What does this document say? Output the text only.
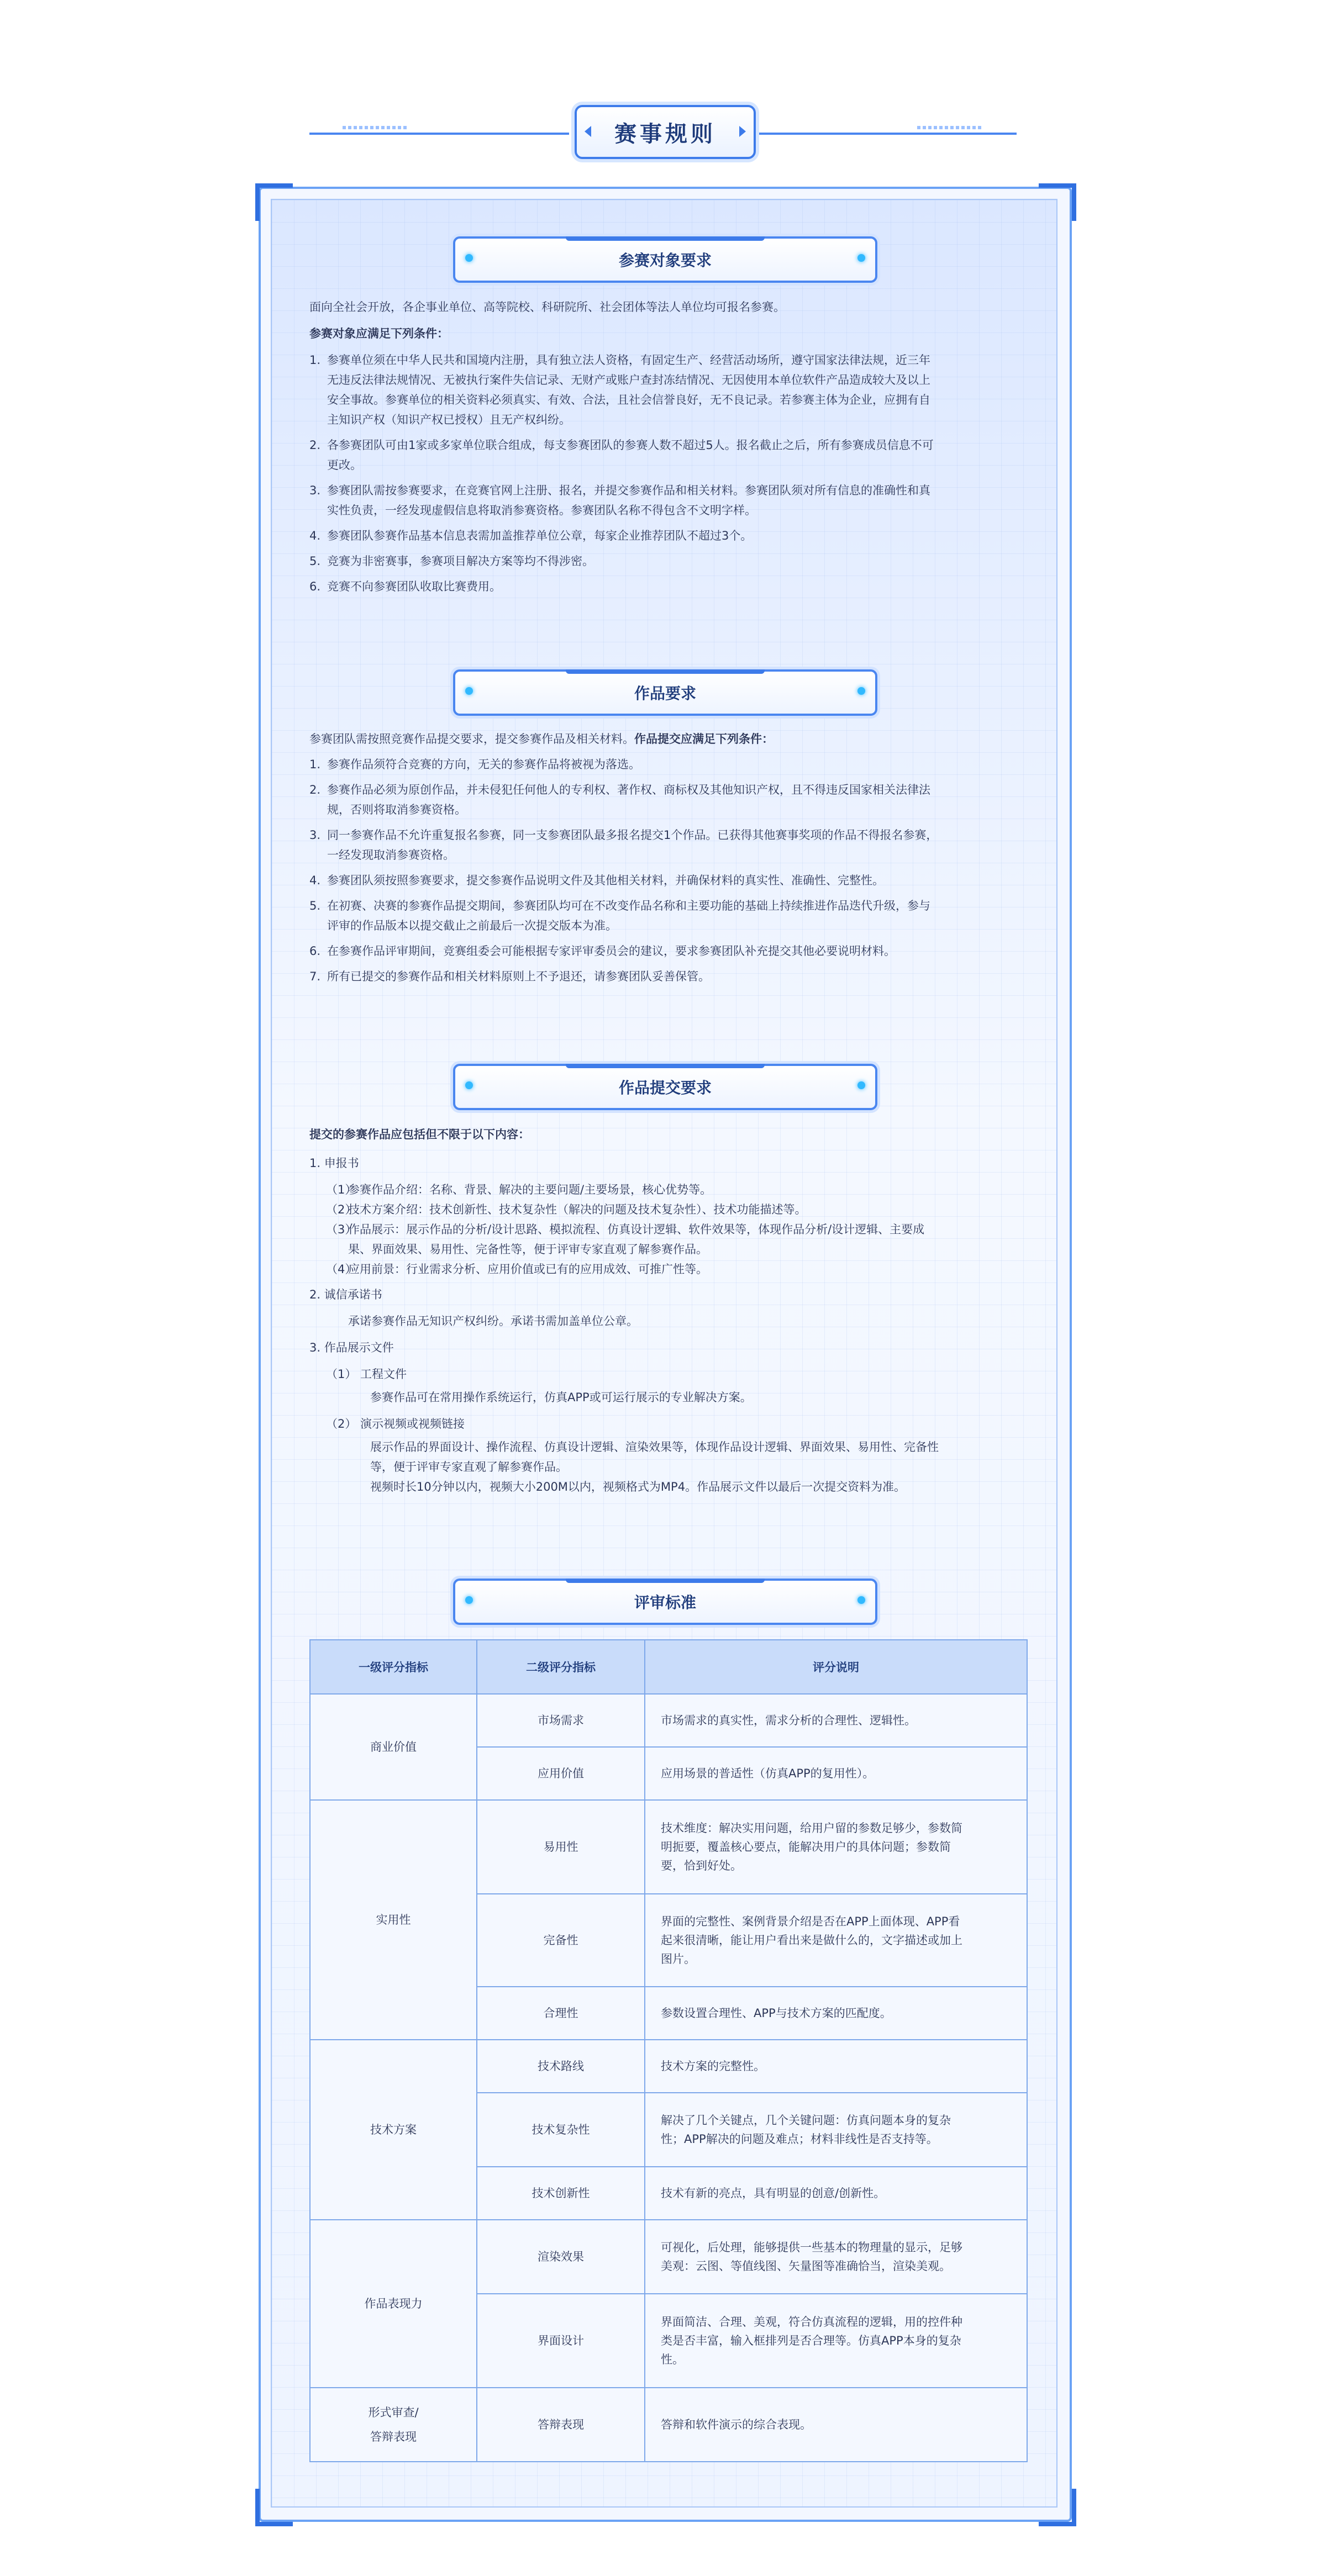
赛事规则
参赛对象要求

面向全社会开放，各企事业单位、高等院校、科研院所、社会团体等法人单位均可报名参赛。

参赛对象应满足下列条件：

1. 参赛单位须在中华人民共和国境内注册，具有独立法人资格，有固定生产、经营活动场所，遵守国家法律法规，近三年
无违反法律法规情况、无被执行案件失信记录、无财产或账户查封冻结情况、无因使用本单位软件产品造成较大及以上
安全事故。参赛单位的相关资料必须真实、有效、合法，且社会信誉良好，无不良记录。若参赛主体为企业，应拥有自
主知识产权（知识产权已授权）且无产权纠纷。
2. 各参赛团队可由1家或多家单位联合组成，每支参赛团队的参赛人数不超过5人。报名截止之后，所有参赛成员信息不可
更改。
3. 参赛团队需按参赛要求，在竞赛官网上注册、报名，并提交参赛作品和相关材料。参赛团队须对所有信息的准确性和真
实性负责，一经发现虚假信息将取消参赛资格。参赛团队名称不得包含不文明字样。
4. 参赛团队参赛作品基本信息表需加盖推荐单位公章，每家企业推荐团队不超过3个。
5. 竞赛为非密赛事，参赛项目解决方案等均不得涉密。
6. 竞赛不向参赛团队收取比赛费用。
作品要求

参赛团队需按照竞赛作品提交要求，提交参赛作品及相关材料。作品提交应满足下列条件：

1. 参赛作品须符合竞赛的方向，无关的参赛作品将被视为落选。
2. 参赛作品必须为原创作品，并未侵犯任何他人的专利权、著作权、商标权及其他知识产权，且不得违反国家相关法律法
规，否则将取消参赛资格。
3. 同一参赛作品不允许重复报名参赛，同一支参赛团队最多报名提交1个作品。已获得其他赛事奖项的作品不得报名参赛，
一经发现取消参赛资格。
4. 参赛团队须按照参赛要求，提交参赛作品说明文件及其他相关材料，并确保材料的真实性、准确性、完整性。
5. 在初赛、决赛的参赛作品提交期间，参赛团队均可在不改变作品名称和主要功能的基础上持续推进作品迭代升级，参与
评审的作品版本以提交截止之前最后一次提交版本为准。
6. 在参赛作品评审期间，竞赛组委会可能根据专家评审委员会的建议，要求参赛团队补充提交其他必要说明材料。
7. 所有已提交的参赛作品和相关材料原则上不予退还，请参赛团队妥善保管。
作品提交要求

提交的参赛作品应包括但不限于以下内容：

1. 申报书

（1）
参赛作品介绍：名称、背景、解决的主要问题/主要场景，核心优势等。
（2）
技术方案介绍：技术创新性、技术复杂性（解决的问题及技术复杂性）、技术功能描述等。
（3）
作品展示：展示作品的分析/设计思路、模拟流程、仿真设计逻辑、软件效果等，体现作品分析/设计逻辑、主要成
果、界面效果、易用性、完备性等，便于评审专家直观了解参赛作品。
（4）
应用前景：行业需求分析、应用价值或已有的应用成效、可推广性等。

2. 诚信承诺书

承诺参赛作品无知识产权纠纷。承诺书需加盖单位公章。

3. 作品展示文件

（1） 工程文件

参赛作品可在常用操作系统运行，仿真APP或可运行展示的专业解决方案。

（2） 演示视频或视频链接

展示作品的界面设计、操作流程、仿真设计逻辑、渲染效果等，体现作品设计逻辑、界面效果、易用性、完备性

等，便于评审专家直观了解参赛作品。

视频时长10分钟以内，视频大小200M以内，视频格式为MP4。作品展示文件以最后一次提交资料为准。

评审标准
一级评分指标	二级评分指标	评分说明
商业价值	市场需求	市场需求的真实性，需求分析的合理性、逻辑性。
	应用价值	应用场景的普适性（仿真APP的复用性）。
实用性	易用性	技术维度：解决实用问题，给用户留的参数足够少，参数简
明扼要，覆盖核心要点，能解决用户的具体问题；参数简
要，恰到好处。

	完备性	界面的完整性、案例背景介绍是否在APP上面体现、APP看
起来很清晰，能让用户看出来是做什么的，文字描述或加上
图片。

	合理性	参数设置合理性、APP与技术方案的匹配度。
技术方案	技术路线	技术方案的完整性。
	技术复杂性	解决了几个关键点，几个关键问题：仿真问题本身的复杂
性；APP解决的问题及难点；材料非线性是否支持等。

	技术创新性	技术有新的亮点，具有明显的创意/创新性。
作品表现力	渲染效果	可视化，后处理，能够提供一些基本的物理量的显示，足够
美观：云图、等值线图、矢量图等准确恰当，渲染美观。

	界面设计	界面简洁、合理、美观，符合仿真流程的逻辑，用的控件种
类是否丰富，输入框排列是否合理等。仿真APP本身的复杂
性。

形式审查/
答辩表现	答辩表现	答辩和软件演示的综合表现。
